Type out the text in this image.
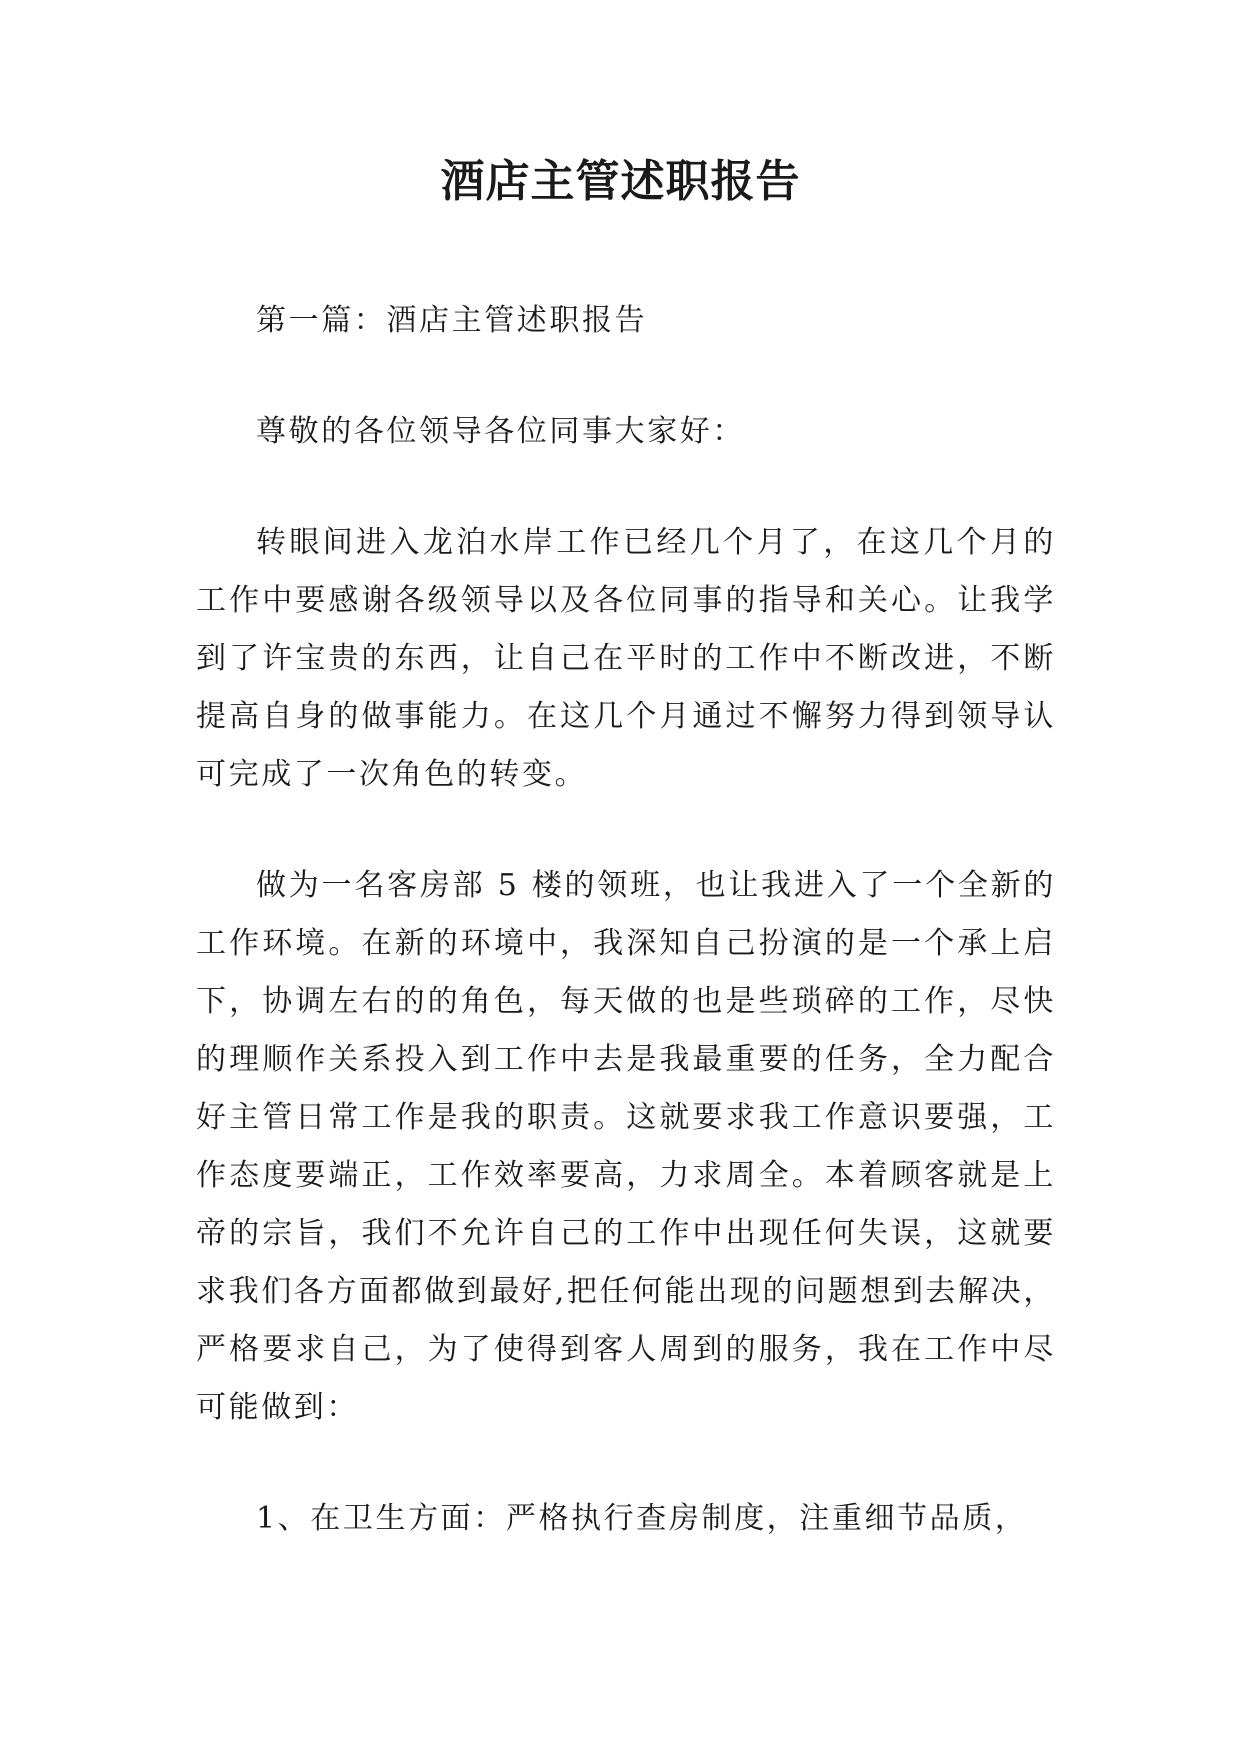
酒店主管述职报告

第一篇：酒店主管述职报告

尊敬的各位领导各位同事大家好：

转眼间进入龙泊水岸工作已经几个月了，在这几个月的工作中要感谢各级领导以及各位同事的指导和关心。让我学到了许宝贵的东西，让自己在平时的工作中不断改进，不断提高自身的做事能力。在这几个月通过不懈努力得到领导认可完成了一次角色的转变。

做为一名客房部 5 楼的领班，也让我进入了一个全新的工作环境。在新的环境中，我深知自己扮演的是一个承上启下，协调左右的的角色，每天做的也是些琐碎的工作，尽快的理顺作关系投入到工作中去是我最重要的任务，全力配合好主管日常工作是我的职责。这就要求我工作意识要强，工作态度要端正，工作效率要高，力求周全。本着顾客就是上帝的宗旨，我们不允许自己的工作中出现任何失误，这就要求我们各方面都做到最好,把任何能出现的问题想到去解决，严格要求自己，为了使得到客人周到的服务，我在工作中尽可能做到：

1、在卫生方面：严格执行查房制度，注重细节品质，
